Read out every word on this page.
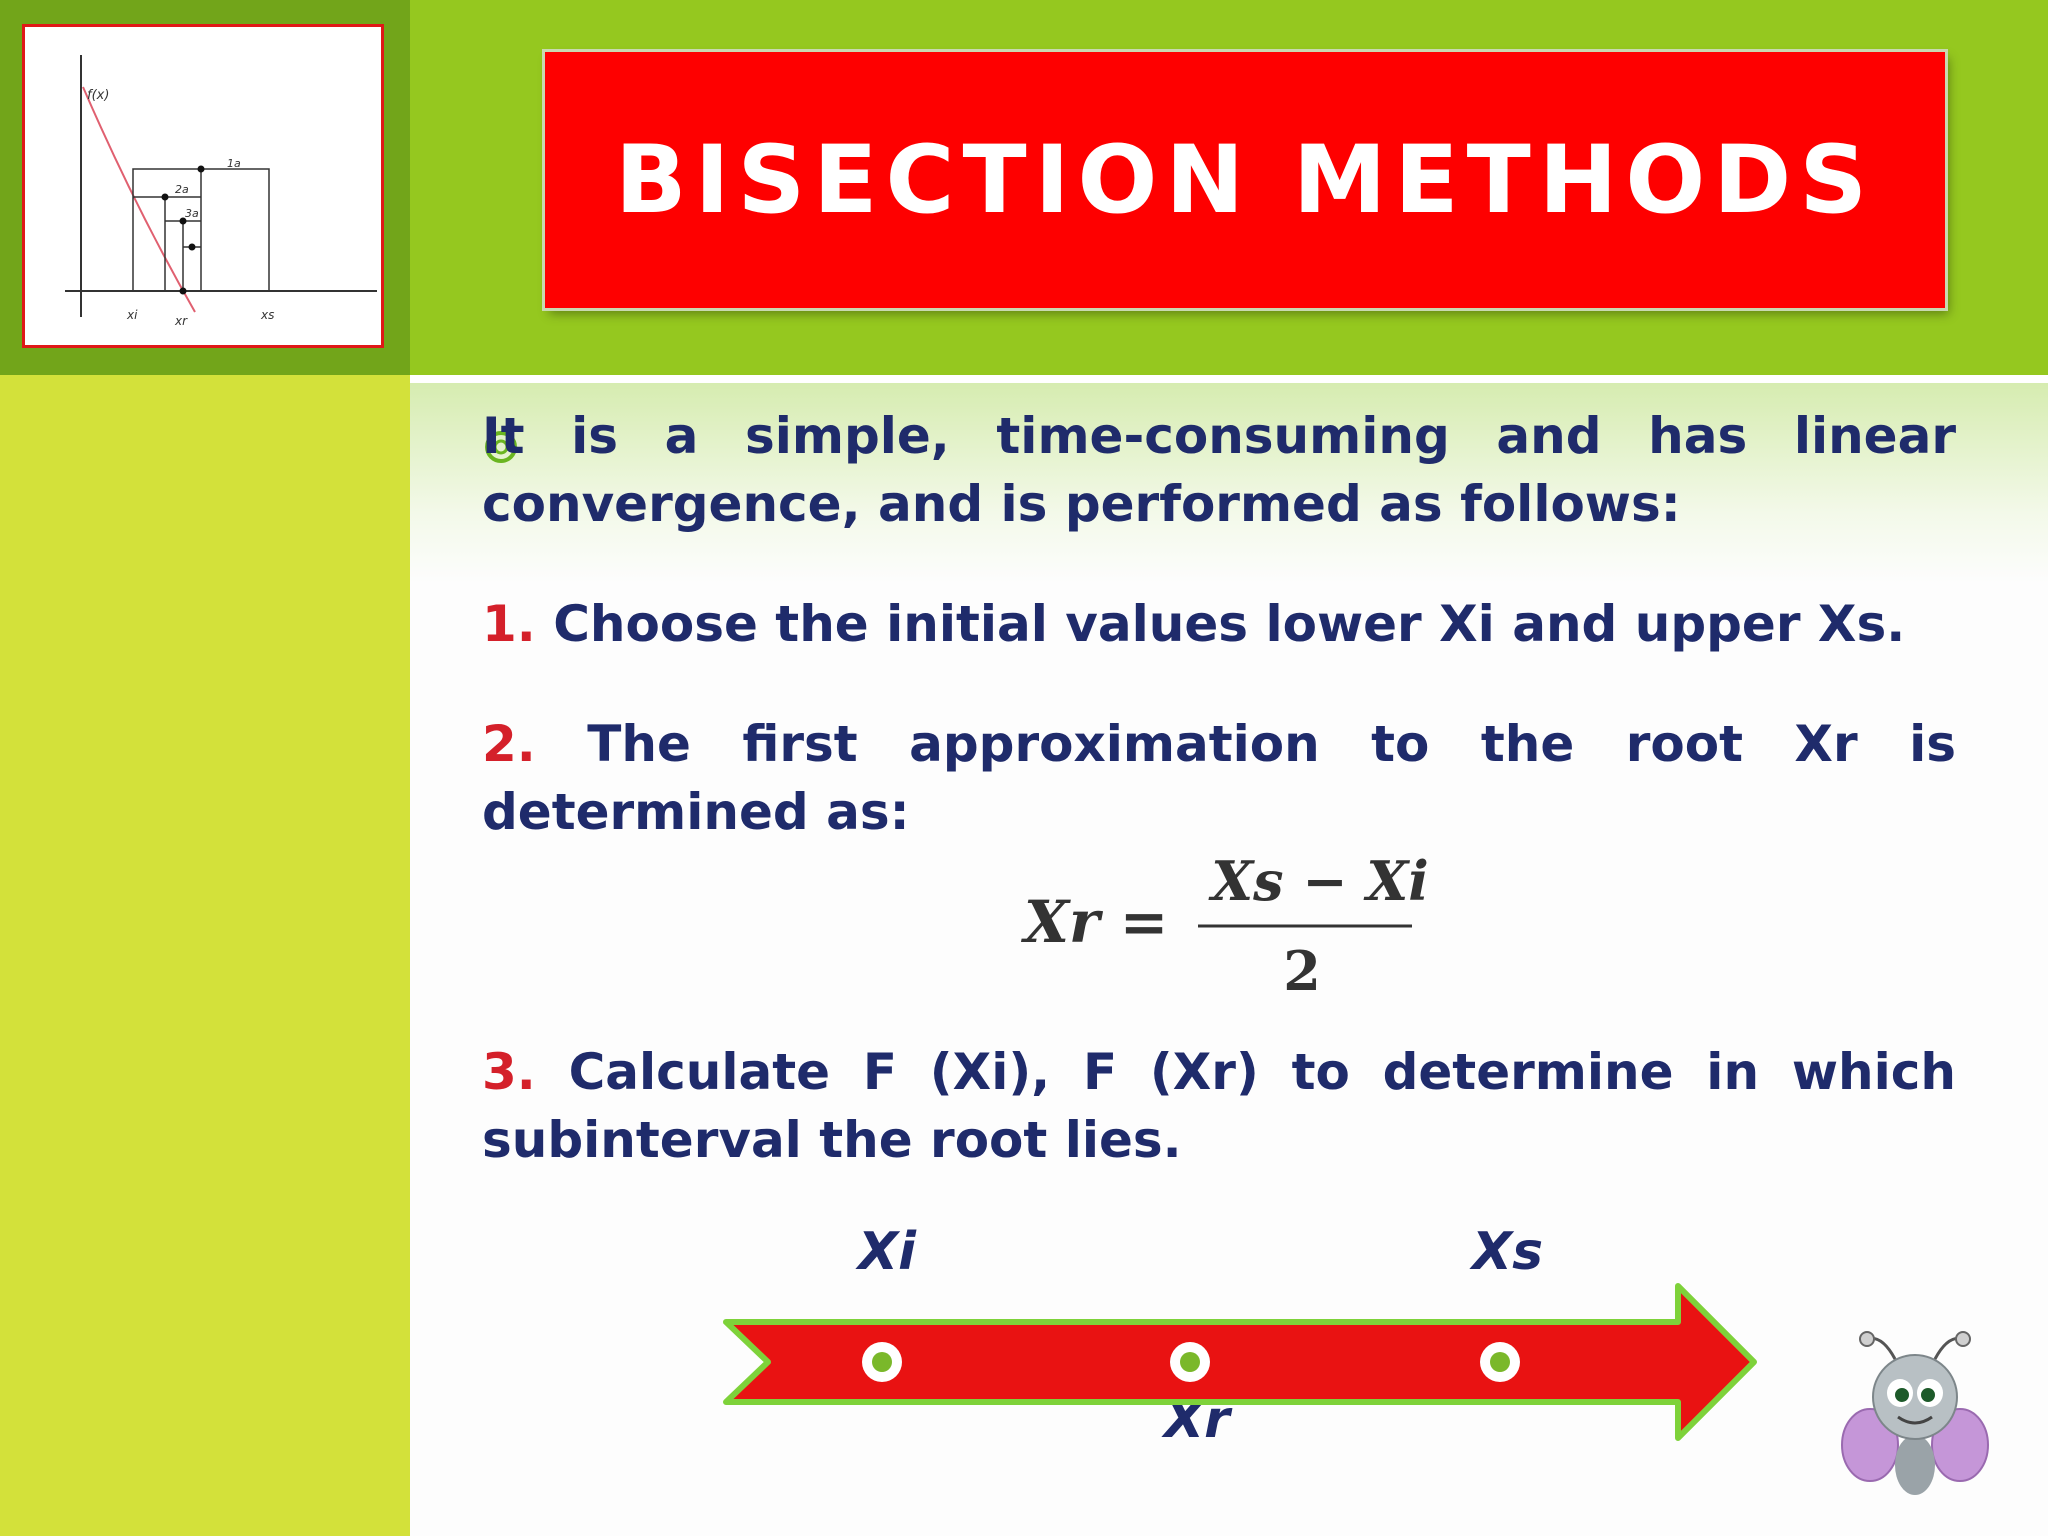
f(x)
1a
2a
3a
xi	xr	xs
BISECTION METHODS
It is a simple, time-consuming and has linear convergence, and is performed as follows:
1. Choose the initial values lower Xi and upper Xs.
2. The first approximation to the root Xr is determined as:
Xr =
Xs − Xi
2
3. Calculate F (Xi), F (Xr) to determine in which subinterval the root lies.
Xi	Xs
Xr
